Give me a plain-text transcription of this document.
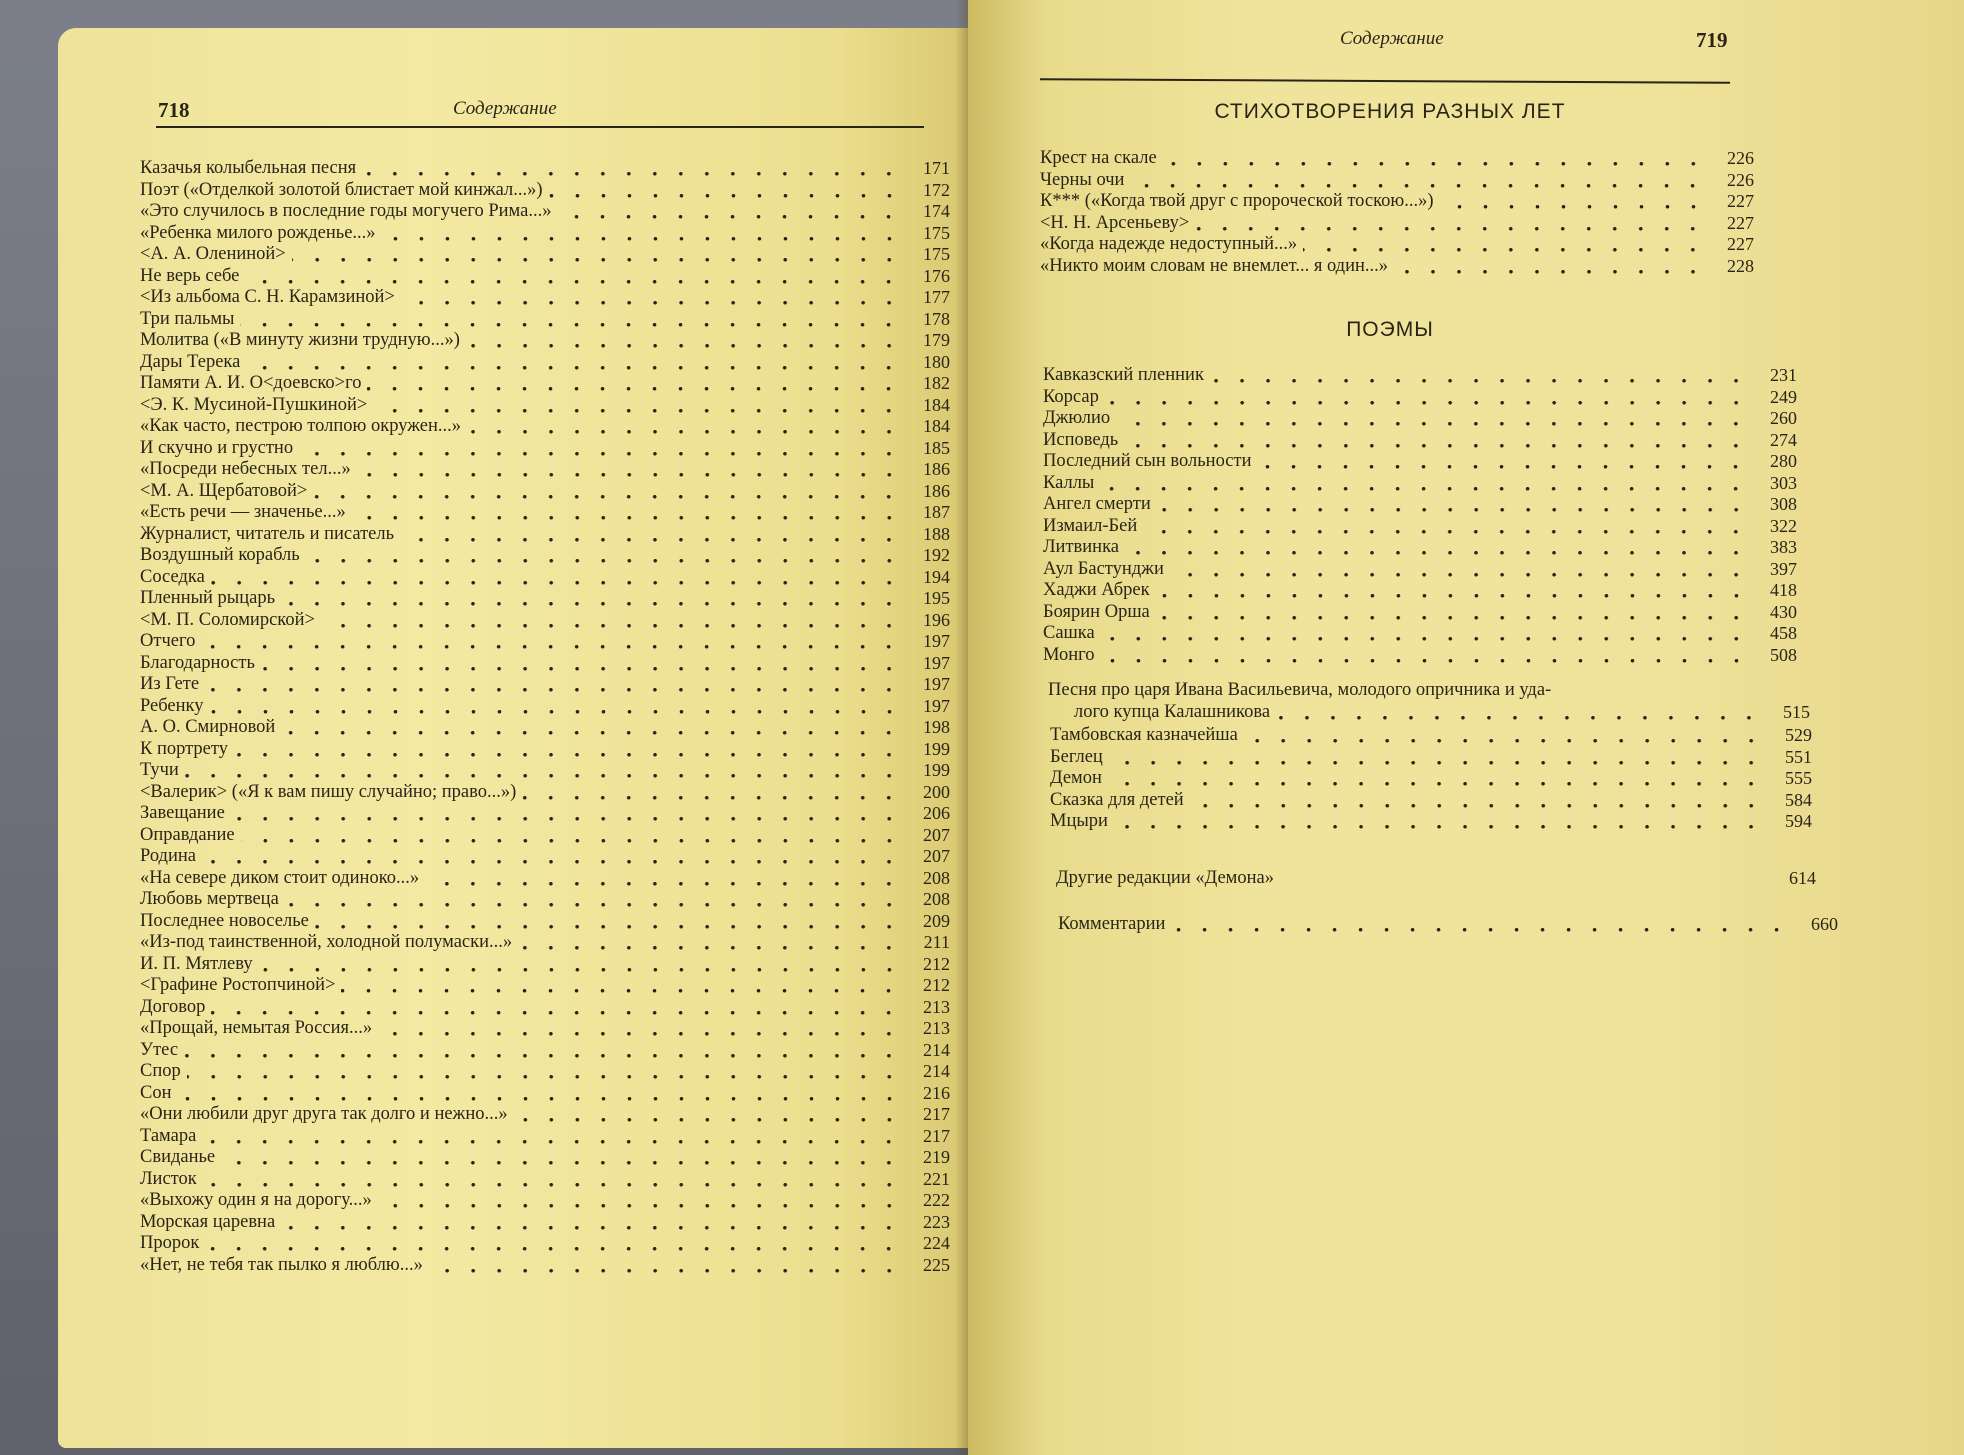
718	Содержание
Казачья колыбельная песня	171
Поэт («Отделкой золотой блистает мой кинжал...»)	172
«Это случилось в последние годы могучего Рима...»	174
«Ребенка милого рожденье...»	175
<А. А. Олениной>	175
Не верь себе	176
<Из альбома С. Н. Карамзиной>	177
Три пальмы	178
Молитва («В минуту жизни трудную...»)	179
Дары Терека	180
Памяти А. И. О<доевско>го	182
<Э. К. Мусиной-Пушкиной>	184
«Как часто, пестрою толпою окружен...»	184
И скучно и грустно	185
«Посреди небесных тел...»	186
<М. А. Щербатовой>	186
«Есть речи — значенье...»	187
Журналист, читатель и писатель	188
Воздушный корабль	192
Соседка	194
Пленный рыцарь	195
<М. П. Соломирской>	196
Отчего	197
Благодарность	197
Из Гете	197
Ребенку	197
А. О. Смирновой	198
К портрету	199
Тучи	199
<Валерик> («Я к вам пишу случайно; право...»)	200
Завещание	206
Оправдание	207
Родина	207
«На севере диком стоит одиноко...»	208
Любовь мертвеца	208
Последнее новоселье	209
«Из-под таинственной, холодной полумаски...»	211
И. П. Мятлеву	212
<Графине Ростопчиной>	212
Договор	213
«Прощай, немытая Россия...»	213
Утес	214
Спор	214
Сон	216
«Они любили друг друга так долго и нежно...»	217
Тамара	217
Свиданье	219
Листок	221
«Выхожу один я на дорогу...»	222
Морская царевна	223
Пророк	224
«Нет, не тебя так пылко я люблю...»	225
Содержание	719
СТИХОТВОРЕНИЯ РАЗНЫХ ЛЕТ
Крест на скале	226
Черны очи	226
К*** («Когда твой друг с пророческой тоскою...»)	227
<Н. Н. Арсеньеву>	227
«Когда надежде недоступный...»	227
«Никто моим словам не внемлет... я один...»	228
ПОЭМЫ
Кавказский пленник	231
Корсар	249
Джюлио	260
Исповедь	274
Последний сын вольности	280
Каллы	303
Ангел смерти	308
Измаил-Бей	322
Литвинка	383
Аул Бастунджи	397
Хаджи Абрек	418
Боярин Орша	430
Сашка	458
Монго	508
Песня про царя Ивана Васильевича, молодого опричника и уда-
лого купца Калашникова	515
Тамбовская казначейша	529
Беглец	551
Демон	555
Сказка для детей	584
Мцыри	594
Другие редакции «Демона»	614
Комментарии	660
